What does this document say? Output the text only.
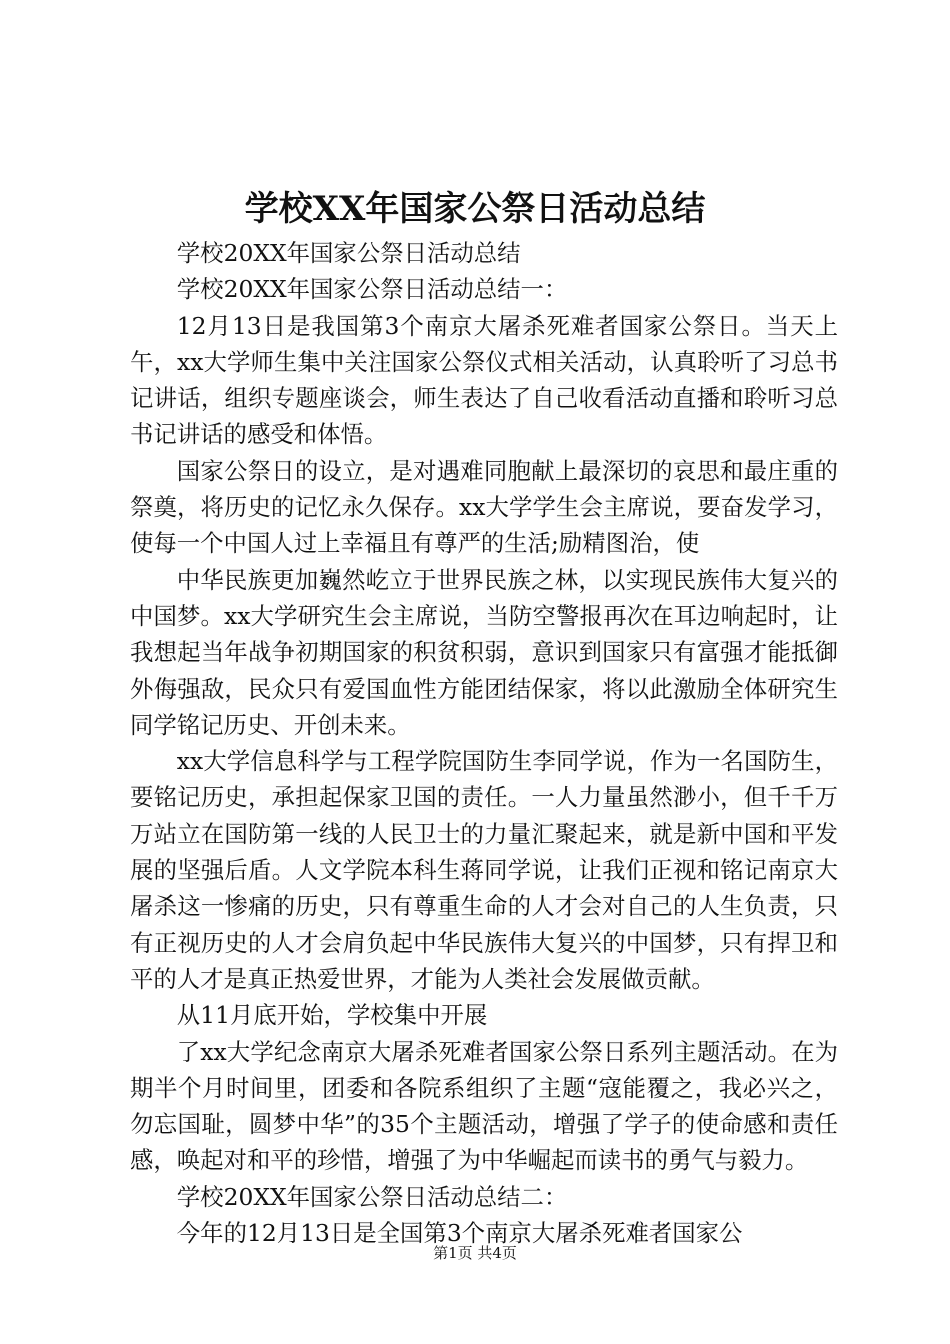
学校XX年国家公祭日活动总结

学校20XX年国家公祭日活动总结

学校20XX年国家公祭日活动总结一：

12月13日是我国第3个南京大屠杀死难者国家公祭日。当天上午，xx大学师生集中关注国家公祭仪式相关活动，认真聆听了习总书记讲话，组织专题座谈会，师生表达了自己收看活动直播和聆听习总书记讲话的感受和体悟。

国家公祭日的设立，是对遇难同胞献上最深切的哀思和最庄重的祭奠，将历史的记忆永久保存。xx大学学生会主席说，要奋发学习，使每一个中国人过上幸福且有尊严的生活;励精图治，使

中华民族更加巍然屹立于世界民族之林，以实现民族伟大复兴的中国梦。xx大学研究生会主席说，当防空警报再次在耳边响起时，让我想起当年战争初期国家的积贫积弱，意识到国家只有富强才能抵御外侮强敌，民众只有爱国血性方能团结保家，将以此激励全体研究生同学铭记历史、开创未来。

xx大学信息科学与工程学院国防生李同学说，作为一名国防生，要铭记历史，承担起保家卫国的责任。一人力量虽然渺小，但千千万万站立在国防第一线的人民卫士的力量汇聚起来，就是新中国和平发展的坚强后盾。人文学院本科生蒋同学说，让我们正视和铭记南京大屠杀这一惨痛的历史，只有尊重生命的人才会对自己的人生负责，只有正视历史的人才会肩负起中华民族伟大复兴的中国梦，只有捍卫和平的人才是真正热爱世界，才能为人类社会发展做贡献。

从11月底开始，学校集中开展

了xx大学纪念南京大屠杀死难者国家公祭日系列主题活动。在为期半个月时间里，团委和各院系组织了主题“寇能覆之，我必兴之，勿忘国耻，圆梦中华”的35个主题活动，增强了学子的使命感和责任感，唤起对和平的珍惜，增强了为中华崛起而读书的勇气与毅力。

学校20XX年国家公祭日活动总结二：

今年的12月13日是全国第3个南京大屠杀死难者国家公

第1页 共4页
